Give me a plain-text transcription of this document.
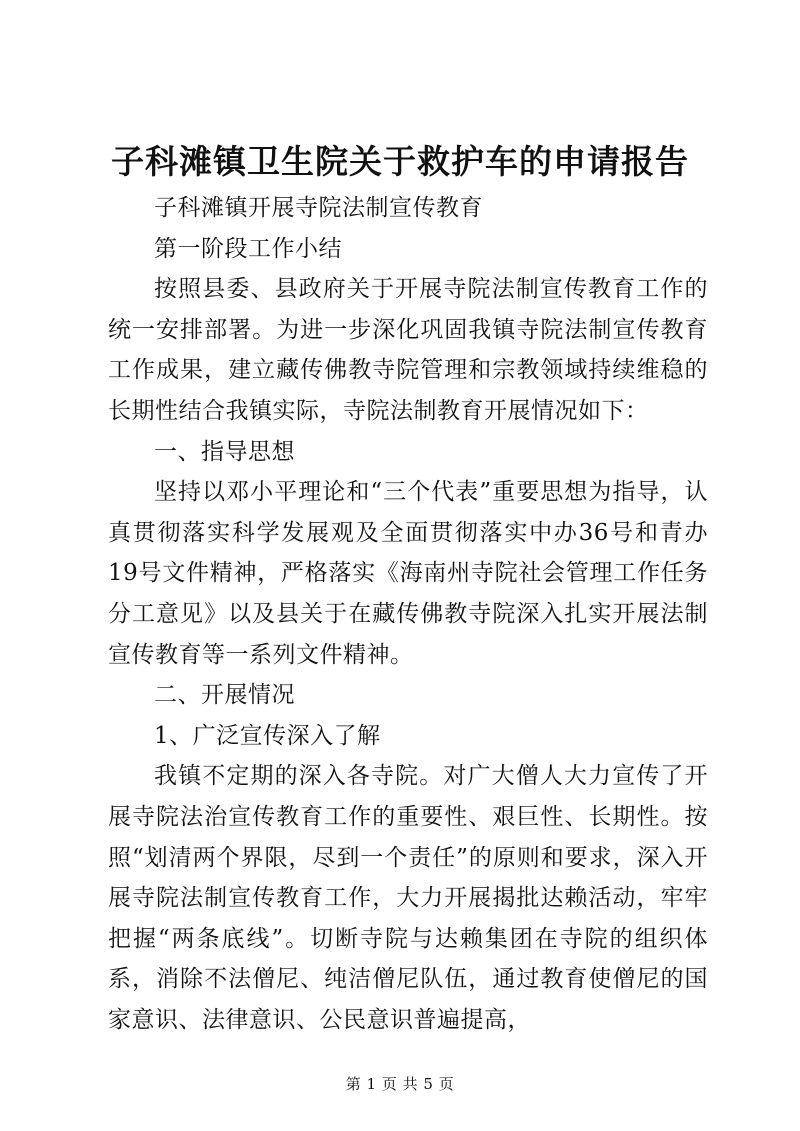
子科滩镇卫生院关于救护车的申请报告

子科滩镇开展寺院法制宣传教育

第一阶段工作小结

按照县委、县政府关于开展寺院法制宣传教育工作的统一安排部署。为进一步深化巩固我镇寺院法制宣传教育工作成果，建立藏传佛教寺院管理和宗教领域持续维稳的长期性结合我镇实际，寺院法制教育开展情况如下：

一、指导思想

坚持以邓小平理论和“三个代表”重要思想为指导，认真贯彻落实科学发展观及全面贯彻落实中办36号和青办19号文件精神，严格落实《海南州寺院社会管理工作任务分工意见》以及县关于在藏传佛教寺院深入扎实开展法制宣传教育等一系列文件精神。

二、开展情况

1、广泛宣传深入了解

我镇不定期的深入各寺院。对广大僧人大力宣传了开展寺院法治宣传教育工作的重要性、艰巨性、长期性。按照“划清两个界限，尽到一个责任”的原则和要求，深入开展寺院法制宣传教育工作，大力开展揭批达赖活动，牢牢把握“两条底线”。切断寺院与达赖集团在寺院的组织体系，消除不法僧尼、纯洁僧尼队伍，通过教育使僧尼的国家意识、法律意识、公民意识普遍提高，

第 1 页 共 5 页
